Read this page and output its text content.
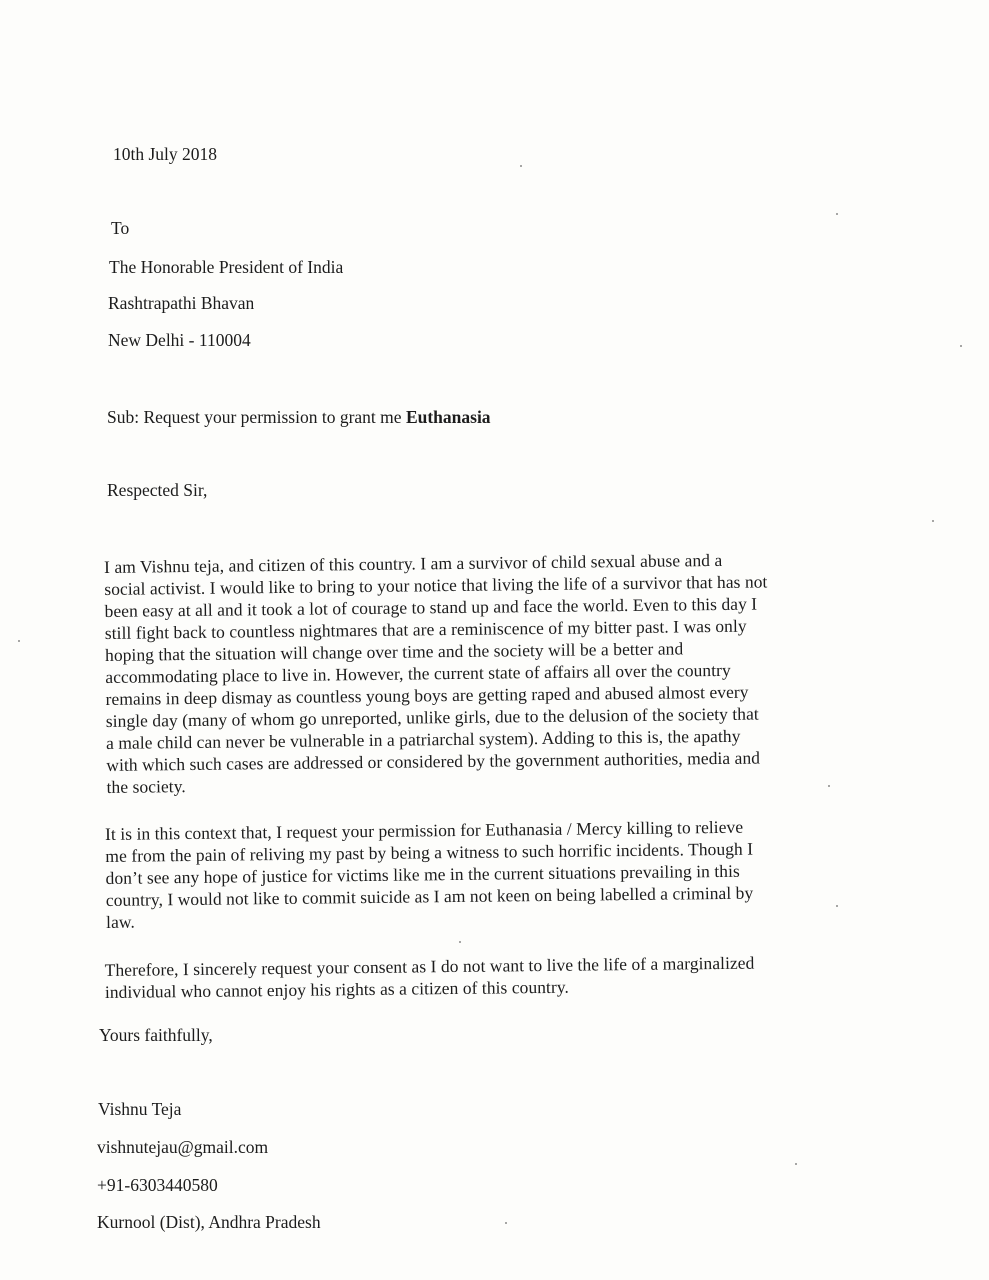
10th July 2018
To
The Honorable President of India
Rashtrapathi Bhavan
New Delhi - 110004
Sub: Request your permission to grant me Euthanasia
Respected Sir,
I am Vishnu teja, and citizen of this country. I am a survivor of child sexual abuse and a
social activist. I would like to bring to your notice that living the life of a survivor that has not
been easy at all and it took a lot of courage to stand up and face the world. Even to this day I
still fight back to countless nightmares that are a reminiscence of my bitter past. I was only
hoping that the situation will change over time and the society will be a better and
accommodating place to live in. However, the current state of affairs all over the country
remains in deep dismay as countless young boys are getting raped and abused almost every
single day (many of whom go unreported, unlike girls, due to the delusion of the society that
a male child can never be vulnerable in a patriarchal system). Adding to this is, the apathy
with which such cases are addressed or considered by the government authorities, media and
the society.
It is in this context that, I request your permission for Euthanasia / Mercy killing to relieve
me from the pain of reliving my past by being a witness to such horrific incidents. Though I
don’t see any hope of justice for victims like me in the current situations prevailing in this
country, I would not like to commit suicide as I am not keen on being labelled a criminal by
law.
Therefore, I sincerely request your consent as I do not want to live the life of a marginalized
individual who cannot enjoy his rights as a citizen of this country.
Yours faithfully,
Vishnu Teja
vishnutejau@gmail.com
+91-6303440580
Kurnool (Dist), Andhra Pradesh
